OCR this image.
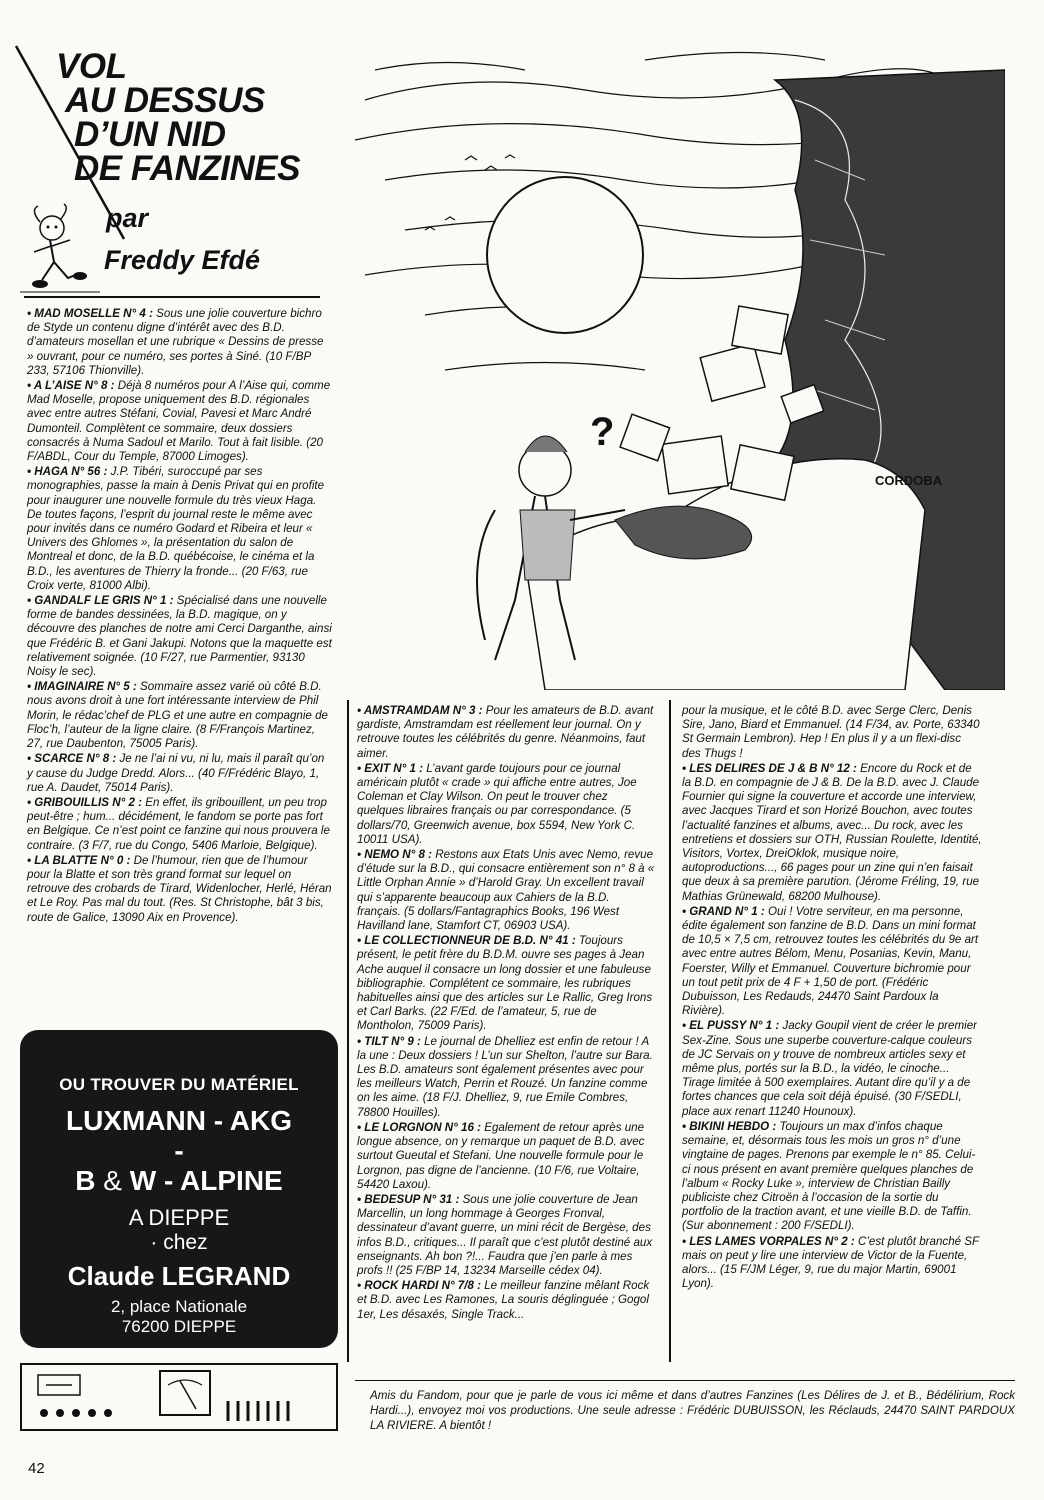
VOL
AU DESSUS
D’UN NID
DE FANZINES
par
Freddy Efdé
?
CORDOBA

• MAD MOSELLE N° 4 : Sous une jolie couverture bichro de Styde un contenu digne d’intérêt avec des B.D. d’amateurs mosellan et une rubrique « Dessins de presse » ouvrant, pour ce numéro, ses portes à Siné. (10 F/BP 233, 57106 Thionville).

• A L’AISE N° 8 : Déjà 8 numéros pour A l’Aise qui, comme Mad Moselle, propose uniquement des B.D. régionales avec entre autres Stéfani, Covial, Pavesi et Marc André Dumonteil. Complètent ce sommaire, deux dossiers consacrés à Numa Sadoul et Marilo. Tout à fait lisible. (20 F/ABDL, Cour du Temple, 87000 Limoges).

• HAGA N° 56 : J.P. Tibéri, suroccupé par ses monographies, passe la main à Denis Privat qui en profite pour inaugurer une nouvelle formule du très vieux Haga. De toutes façons, l’esprit du journal reste le même avec pour invités dans ce numéro Godard et Ribeira et leur « Univers des Ghlomes », la présentation du salon de Montreal et donc, de la B.D. québécoise, le cinéma et la B.D., les aventures de Thierry la fronde... (20 F/63, rue Croix verte, 81000 Albi).

• GANDALF LE GRIS N° 1 : Spécialisé dans une nouvelle forme de bandes dessinées, la B.D. magique, on y découvre des planches de notre ami Cerci Darganthe, ainsi que Frédéric B. et Gani Jakupi. Notons que la maquette est relativement soignée. (10 F/27, rue Parmentier, 93130 Noisy le sec).

• IMAGINAIRE N° 5 : Sommaire assez varié où côté B.D. nous avons droit à une fort intéressante interview de Phil Morin, le rédac’chef de PLG et une autre en compagnie de Floc’h, l’auteur de la ligne claire. (8 F/François Martinez, 27, rue Daubenton, 75005 Paris).

• SCARCE N° 8 : Je ne l’ai ni vu, ni lu, mais il paraît qu’on y cause du Judge Dredd. Alors... (40 F/Frédéric Blayo, 1, rue A. Daudet, 75014 Paris).

• GRIBOUILLIS N° 2 : En effet, ils gribouillent, un peu trop peut-être ; hum... décidément, le fandom se porte pas fort en Belgique. Ce n’est point ce fanzine qui nous prouvera le contraire. (3 F/7, rue du Congo, 5406 Marloie, Belgique).

• LA BLATTE N° 0 : De l’humour, rien que de l’humour pour la Blatte et son très grand format sur lequel on retrouve des crobards de Tirard, Widenlocher, Herlé, Héran et Le Roy. Pas mal du tout. (Res. St Christophe, bât 3 bis, route de Galice, 13090 Aix en Provence).

• AMSTRAMDAM N° 3 : Pour les amateurs de B.D. avant gardiste, Amstramdam est réellement leur journal. On y retrouve toutes les célébrités du genre. Néanmoins, faut aimer.

• EXIT N° 1 : L’avant garde toujours pour ce journal américain plutôt « crade » qui affiche entre autres, Joe Coleman et Clay Wilson. On peut le trouver chez quelques libraires français ou par correspondance. (5 dollars/70, Greenwich avenue, box 5594, New York C. 10011 USA).

• NEMO N° 8 : Restons aux Etats Unis avec Nemo, revue d’étude sur la B.D., qui consacre entièrement son n° 8 à « Little Orphan Annie » d’Harold Gray. Un excellent travail qui s’apparente beaucoup aux Cahiers de la B.D. français. (5 dollars/Fantagraphics Books, 196 West Havilland lane, Stamfort CT, 06903 USA).

• LE COLLECTIONNEUR DE B.D. N° 41 : Toujours présent, le petit frère du B.D.M. ouvre ses pages à Jean Ache auquel il consacre un long dossier et une fabuleuse bibliographie. Complétent ce sommaire, les rubriques habituelles ainsi que des articles sur Le Rallic, Greg Irons et Carl Barks. (22 F/Ed. de l’amateur, 5, rue de Montholon, 75009 Paris).

• TILT N° 9 : Le journal de Dhelliez est enfin de retour ! A la une : Deux dossiers ! L’un sur Shelton, l’autre sur Bara. Les B.D. amateurs sont également présentes avec pour les meilleurs Watch, Perrin et Rouzé. Un fanzine comme on les aime. (18 F/J. Dhelliez, 9, rue Emile Combres, 78800 Houilles).

• LE LORGNON N° 16 : Egalement de retour après une longue absence, on y remarque un paquet de B.D. avec surtout Gueutal et Stefani. Une nouvelle formule pour le Lorgnon, pas digne de l’ancienne. (10 F/6, rue Voltaire, 54420 Laxou).

• BEDESUP N° 31 : Sous une jolie couverture de Jean Marcellin, un long hommage à Georges Fronval, dessinateur d’avant guerre, un mini récit de Bergèse, des infos B.D., critiques... Il paraît que c’est plutôt destiné aux enseignants. Ah bon ?!... Faudra que j’en parle à mes profs !! (25 F/BP 14, 13234 Marseille cédex 04).

• ROCK HARDI N° 7/8 : Le meilleur fanzine mêlant Rock et B.D. avec Les Ramones, La souris déglinguée ; Gogol 1er, Les désaxés, Single Track...

pour la musique, et le côté B.D. avec Serge Clerc, Denis Sire, Jano, Biard et Emmanuel. (14 F/34, av. Porte, 63340 St Germain Lembron). Hep ! En plus il y a un flexi-disc des Thugs !

• LES DELIRES DE J & B N° 12 : Encore du Rock et de la B.D. en compagnie de J & B. De la B.D. avec J. Claude Fournier qui signe la couverture et accorde une interview, avec Jacques Tirard et son Horizé Bouchon, avec toutes l’actualité fanzines et albums, avec... Du rock, avec les entretiens et dossiers sur OTH, Russian Roulette, Identité, Visitors, Vortex, DreiOklok, musique noire, autoproductions..., 66 pages pour un zine qui n’en faisait que deux à sa première parution. (Jérome Fréling, 19, rue Mathias Grünewald, 68200 Mulhouse).

• GRAND N° 1 : Oui ! Votre serviteur, en ma personne, édite également son fanzine de B.D. Dans un mini format de 10,5 × 7,5 cm, retrouvez toutes les célébrités du 9e art avec entre autres Bélom, Menu, Posanias, Kevin, Manu, Foerster, Willy et Emmanuel. Couverture bichromie pour un tout petit prix de 4 F + 1,50 de port. (Frédéric Dubuisson, Les Redauds, 24470 Saint Pardoux la Rivière).

• EL PUSSY N° 1 : Jacky Goupil vient de créer le premier Sex-Zine. Sous une superbe couverture-calque couleurs de JC Servais on y trouve de nombreux articles sexy et même plus, portés sur la B.D., la vidéo, le cinoche... Tirage limitée à 500 exemplaires. Autant dire qu’il y a de fortes chances que cela soit déjà épuisé. (30 F/SEDLI, place aux renart 11240 Hounoux).

• BIKINI HEBDO : Toujours un max d’infos chaque semaine, et, désormais tous les mois un gros n° d’une vingtaine de pages. Prenons par exemple le n° 85. Celui-ci nous présent en avant première quelques planches de l’album « Rocky Luke », interview de Christian Bailly publiciste chez Citroën à l’occasion de la sortie du portfolio de la traction avant, et une vieille B.D. de Taffin. (Sur abonnement : 200 F/SEDLI).

• LES LAMES VORPALES N° 2 : C’est plutôt branché SF mais on peut y lire une interview de Victor de la Fuente, alors... (15 F/JM Léger, 9, rue du major Martin, 69001 Lyon).

OU TROUVER DU MATÉRIEL
LUXMANN - AKG
-
B & W - ALPINE
A DIEPPE
· chez
Claude LEGRAND
2, place Nationale
76200 DIEPPE
Amis du Fandom, pour que je parle de vous ici même et dans d’autres Fanzines (Les Délires de J. et B., Bédélirium, Rock Hardi...), envoyez moi vos productions. Une seule adresse : Frédéric DUBUISSON, les Réclauds, 24470 SAINT PARDOUX LA RIVIERE. A bientôt !
42
